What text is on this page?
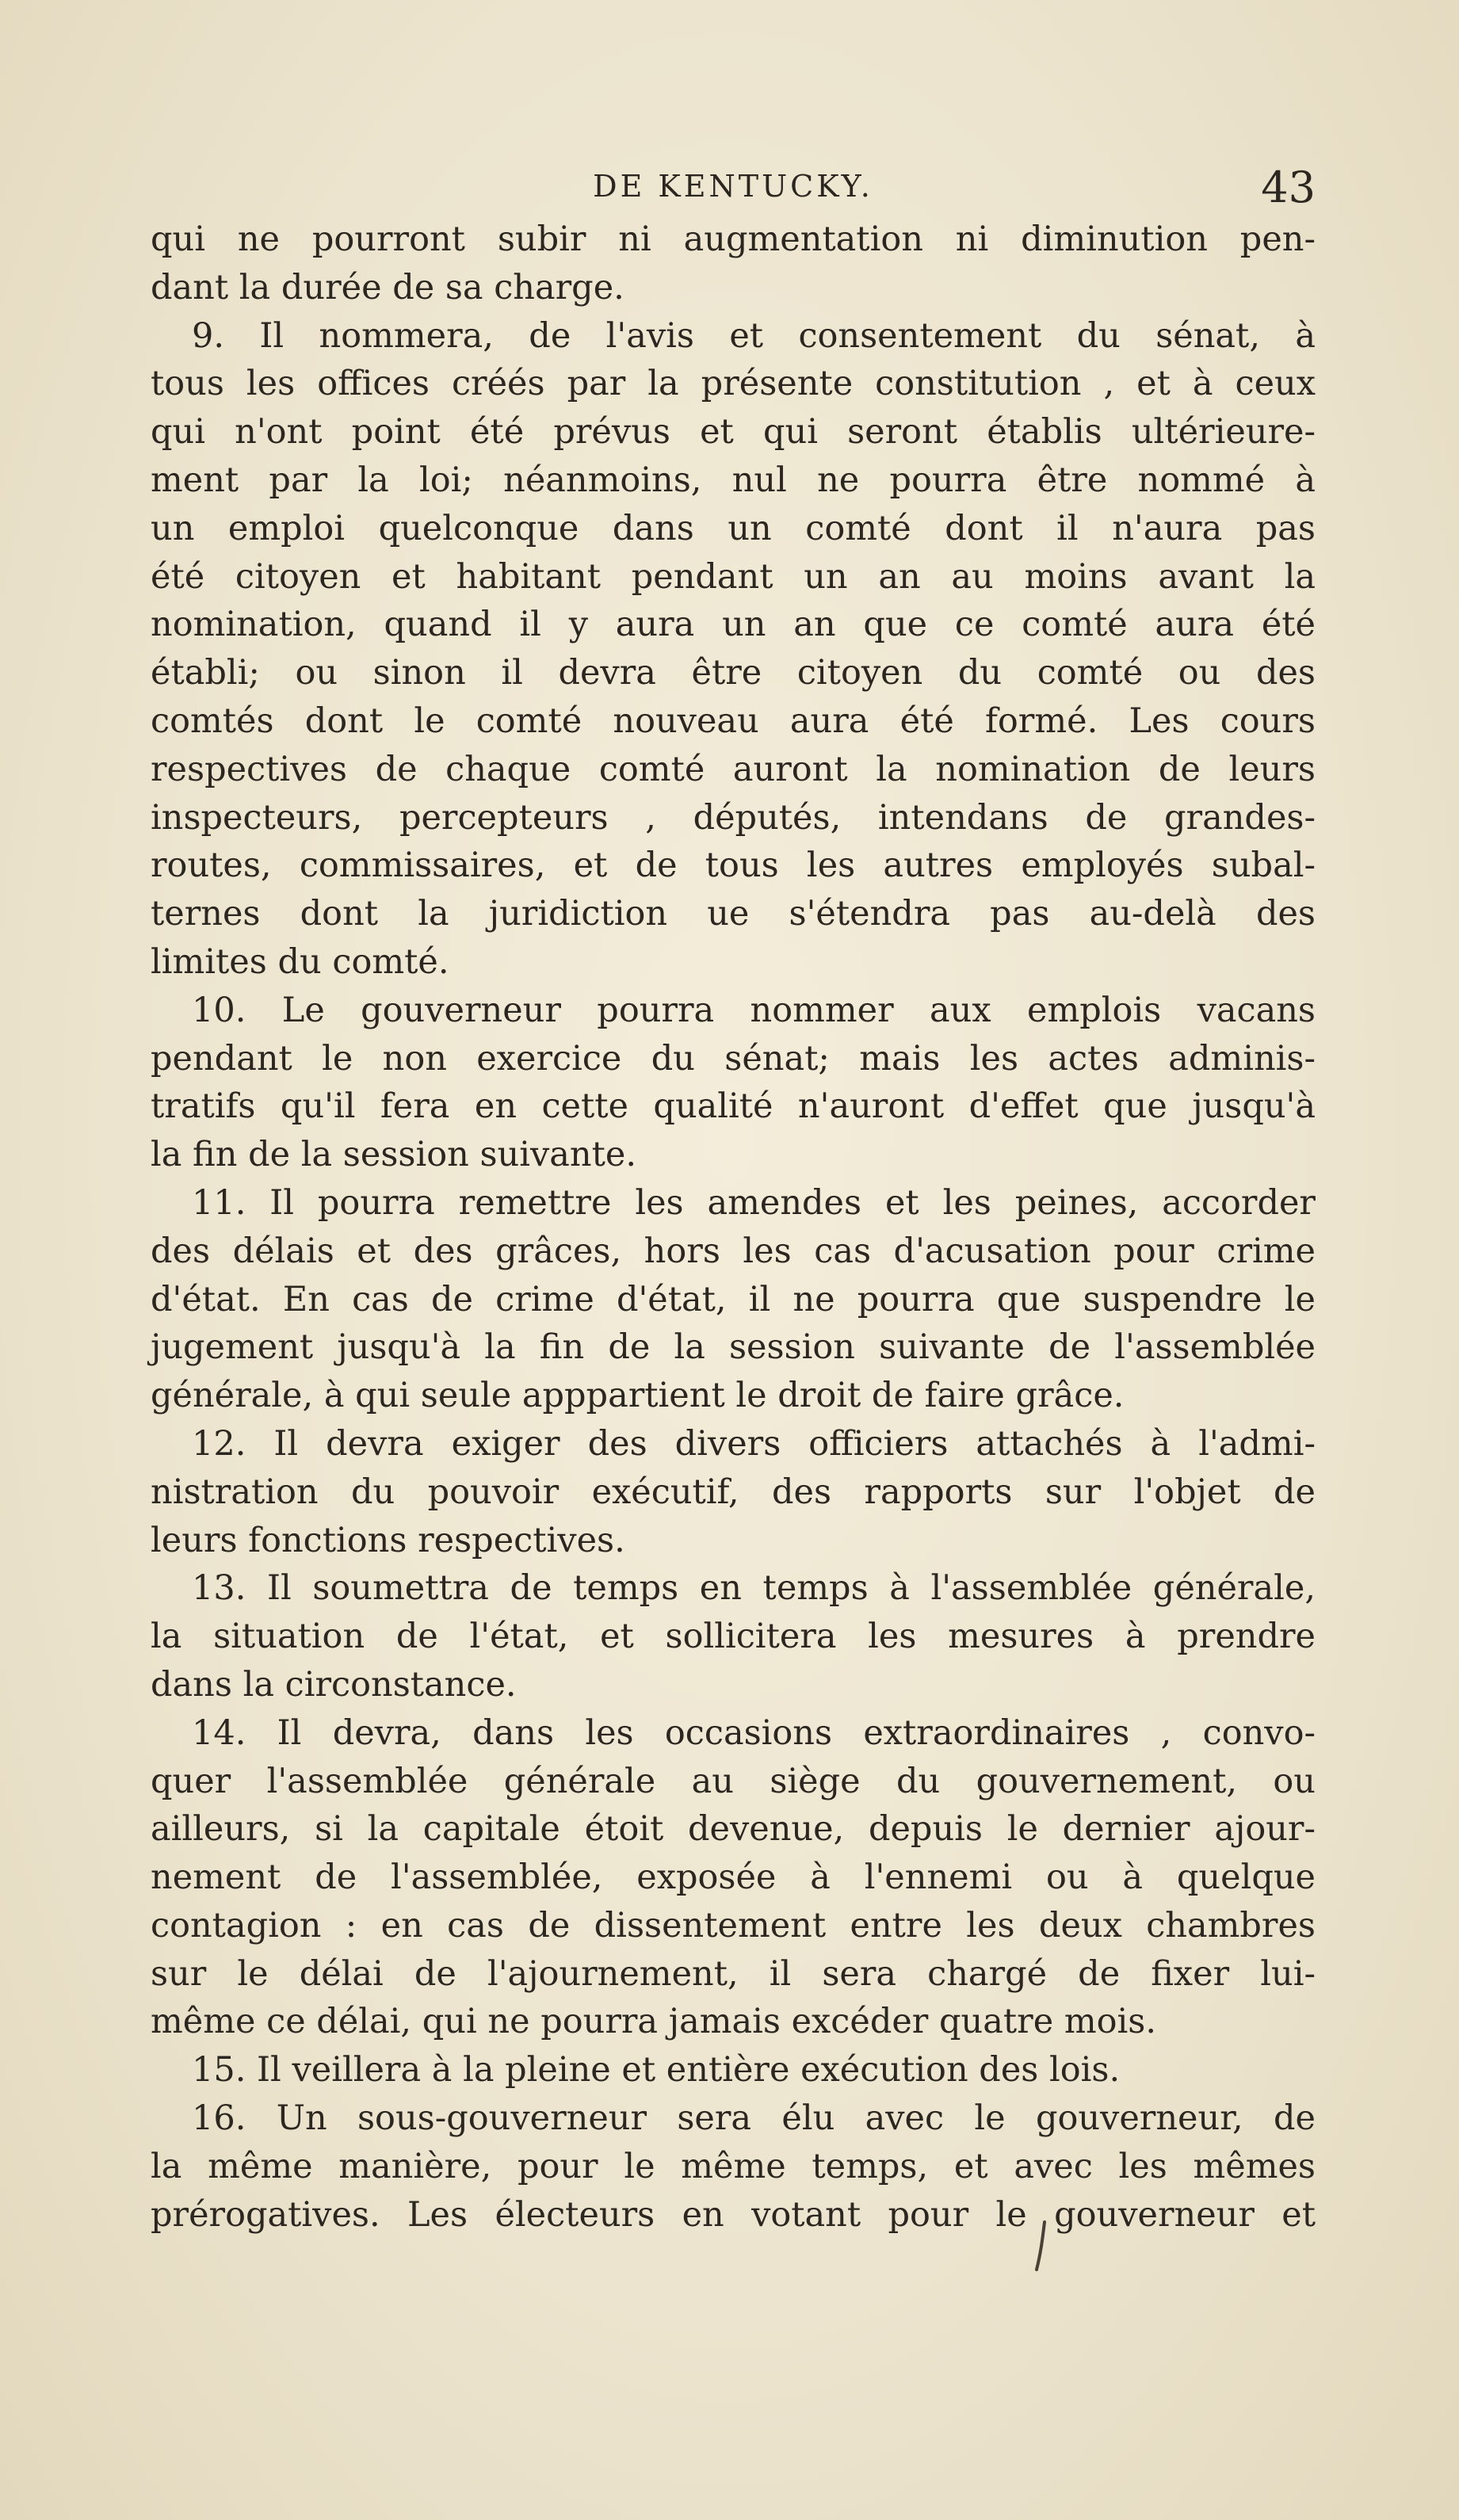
DE KENTUCKY.	43
qui ne pourront subir ni augmentation ni diminution pen-
dant la durée de sa charge.
9. Il nommera, de l'avis et consentement du sénat, à
tous les offices créés par la présente constitution , et à ceux
qui n'ont point été prévus et qui seront établis ultérieure-
ment par la loi; néanmoins, nul ne pourra être nommé à
un emploi quelconque dans un comté dont il n'aura pas
été citoyen et habitant pendant un an au moins avant la
nomination, quand il y aura un an que ce comté aura été
établi; ou sinon il devra être citoyen du comté ou des
comtés dont le comté nouveau aura été formé. Les cours
respectives de chaque comté auront la nomination de leurs
inspecteurs, percepteurs , députés, intendans de grandes-
routes, commissaires, et de tous les autres employés subal-
ternes dont la juridiction ue s'étendra pas au-delà des
limites du comté.
10. Le gouverneur pourra nommer aux emplois vacans
pendant le non exercice du sénat; mais les actes adminis-
tratifs qu'il fera en cette qualité n'auront d'effet que jusqu'à
la fin de la session suivante.
11. Il pourra remettre les amendes et les peines, accorder
des délais et des grâces, hors les cas d'acusation pour crime
d'état. En cas de crime d'état, il ne pourra que suspendre le
jugement jusqu'à la fin de la session suivante de l'assemblée
générale, à qui seule apppartient le droit de faire grâce.
12. Il devra exiger des divers officiers attachés à l'admi-
nistration du pouvoir exécutif, des rapports sur l'objet de
leurs fonctions respectives.
13. Il soumettra de temps en temps à l'assemblée générale,
la situation de l'état, et sollicitera les mesures à prendre
dans la circonstance.
14. Il devra, dans les occasions extraordinaires , convo-
quer l'assemblée générale au siège du gouvernement, ou
ailleurs, si la capitale étoit devenue, depuis le dernier ajour-
nement de l'assemblée, exposée à l'ennemi ou à quelque
contagion : en cas de dissentement entre les deux chambres
sur le délai de l'ajournement, il sera chargé de fixer lui-
même ce délai, qui ne pourra jamais excéder quatre mois.
15. Il veillera à la pleine et entière exécution des lois.
16. Un sous-gouverneur sera élu avec le gouverneur, de
la même manière, pour le même temps, et avec les mêmes
prérogatives. Les électeurs en votant pour le gouverneur et
